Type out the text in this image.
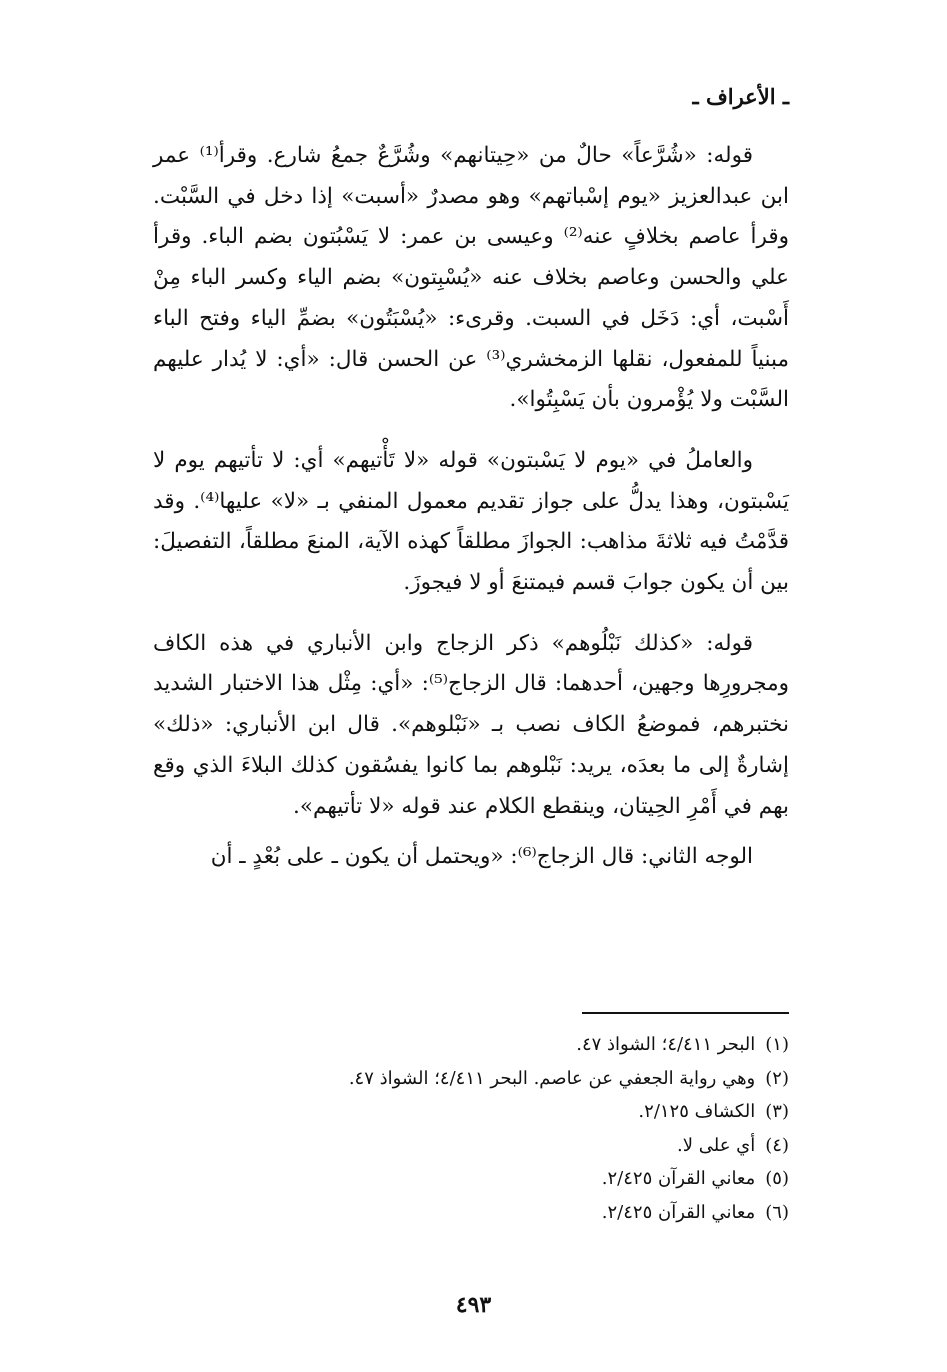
ـ الأعراف ـ

قوله: «شُرَّعاً» حالٌ من «حِيتانهم» وشُرَّعٌ جمعُ شارع. وقرأ⁽¹⁾ عمر ابن عبدالعزيز «يوم إسْباتهم» وهو مصدرٌ «أسبت» إذا دخل في السَّبْت. وقرأ عاصم بخلافٍ عنه⁽²⁾ وعيسى بن عمر: لا يَسْبُتون بضم الباء. وقرأ علي والحسن وعاصم بخلاف عنه «يُسْبِتون» بضم الياء وكسر الباء مِنْ أَسْبت، أي: دَخَل في السبت. وقرىء: «يُسْبَتُون» بضمِّ الياء وفتح الباء مبنياً للمفعول، نقلها الزمخشري⁽³⁾ عن الحسن قال: «أي: لا يُدار عليهم السَّبْت ولا يُؤْمرون بأن يَسْبِتُوا».

والعاملُ في «يوم لا يَسْبتون» قوله «لا تَأْتيهم» أي: لا تأتيهم يوم لا يَسْبتون، وهذا يدلُّ على جواز تقديم معمول المنفي بـ «لا» عليها⁽⁴⁾. وقد قدَّمْتُ فيه ثلاثةَ مذاهب: الجوازَ مطلقاً كهذه الآية، المنعَ مطلقاً، التفصيلَ: بين أن يكون جوابَ قسم فيمتنعَ أو لا فيجوزَ.

قوله: «كذلك نَبْلُوهم» ذكر الزجاج وابن الأنباري في هذه الكاف ومجرورِها وجهين، أحدهما: قال الزجاج⁽⁵⁾: «أي: مِثْل هذا الاختبار الشديد نختبرهم، فموضعُ الكاف نصب بـ «نَبْلوهم». قال ابن الأنباري: «ذلك» إشارةٌ إلى ما بعدَه، يريد: نَبْلوهم بما كانوا يفسُقون كذلك البلاءَ الذي وقع بهم في أَمْرِ الحِيتان، وينقطع الكلام عند قوله «لا تأتيهم».

الوجه الثاني: قال الزجاج⁽⁶⁾: «ويحتمل أن يكون ـ على بُعْدٍ ـ أن

(١)البحر ٤/٤١١؛ الشواذ ٤٧.
(٢)وهي رواية الجعفي عن عاصم. البحر ٤/٤١١؛ الشواذ ٤٧.
(٣)الكشاف ٢/١٢٥.
(٤)أي على لا.
(٥)معاني القرآن ٢/٤٢٥.
(٦)معاني القرآن ٢/٤٢٥.
٤٩٣
